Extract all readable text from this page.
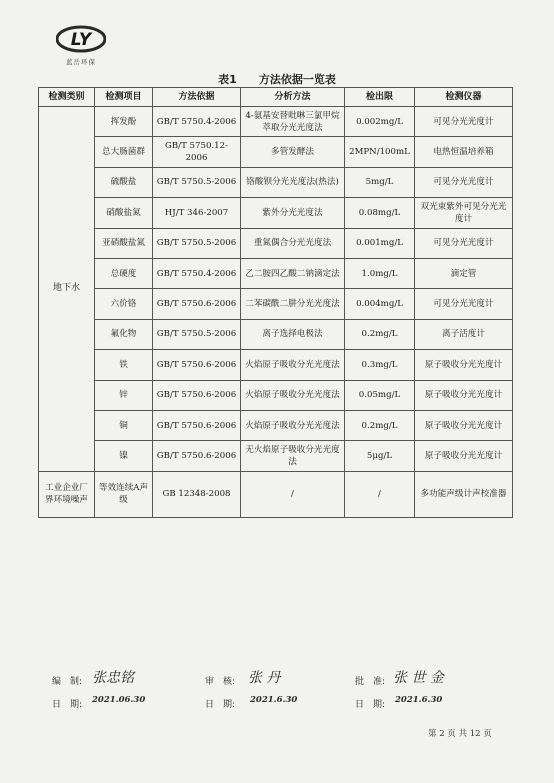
LY
蓝岳环保
表1　　方法依据一览表
检测类别	检测项目	方法依据	分析方法	检出限	检测仪器
地下水	挥发酚	GB/T 5750.4-2006	4-氨基安替吡啉三氯甲烷萃取分光光度法	0.002mg/L	可见分光光度计
	总大肠菌群	GB/T 5750.12-2006	多管发酵法	2MPN/100mL	电热恒温培养箱
	硫酸盐	GB/T 5750.5-2006	铬酸钡分光光度法(热法)	5mg/L	可见分光光度计
	硝酸盐氮	HJ/T 346-2007	紫外分光光度法	0.08mg/L	双光束紫外可见分光光度计
	亚硝酸盐氮	GB/T 5750.5-2006	重氮偶合分光光度法	0.001mg/L	可见分光光度计
	总硬度	GB/T 5750.4-2006	乙二胺四乙酸二钠滴定法	1.0mg/L	滴定管
	六价铬	GB/T 5750.6-2006	二苯碳酰二肼分光光度法	0.004mg/L	可见分光光度计
	氟化物	GB/T 5750.5-2006	离子选择电极法	0.2mg/L	离子活度计
	铁	GB/T 5750.6-2006	火焰原子吸收分光光度法	0.3mg/L	原子吸收分光光度计
	锌	GB/T 5750.6-2006	火焰原子吸收分光光度法	0.05mg/L	原子吸收分光光度计
	铜	GB/T 5750.6-2006	火焰原子吸收分光光度法	0.2mg/L	原子吸收分光光度计
	镍	GB/T 5750.6-2006	无火焰原子吸收分光光度法	5μg/L	原子吸收分光光度计
工业企业厂界环境噪声	等效连续A声级	GB 12348-2008	/	/	多功能声级计声校准器
编　制: 张忠铭	审　核: 张 丹	批　准: 张 世 金
日　期: 2021.06.30	日　期: 2021.6.30	日　期: 2021.6.30
第 2 页 共 12 页
